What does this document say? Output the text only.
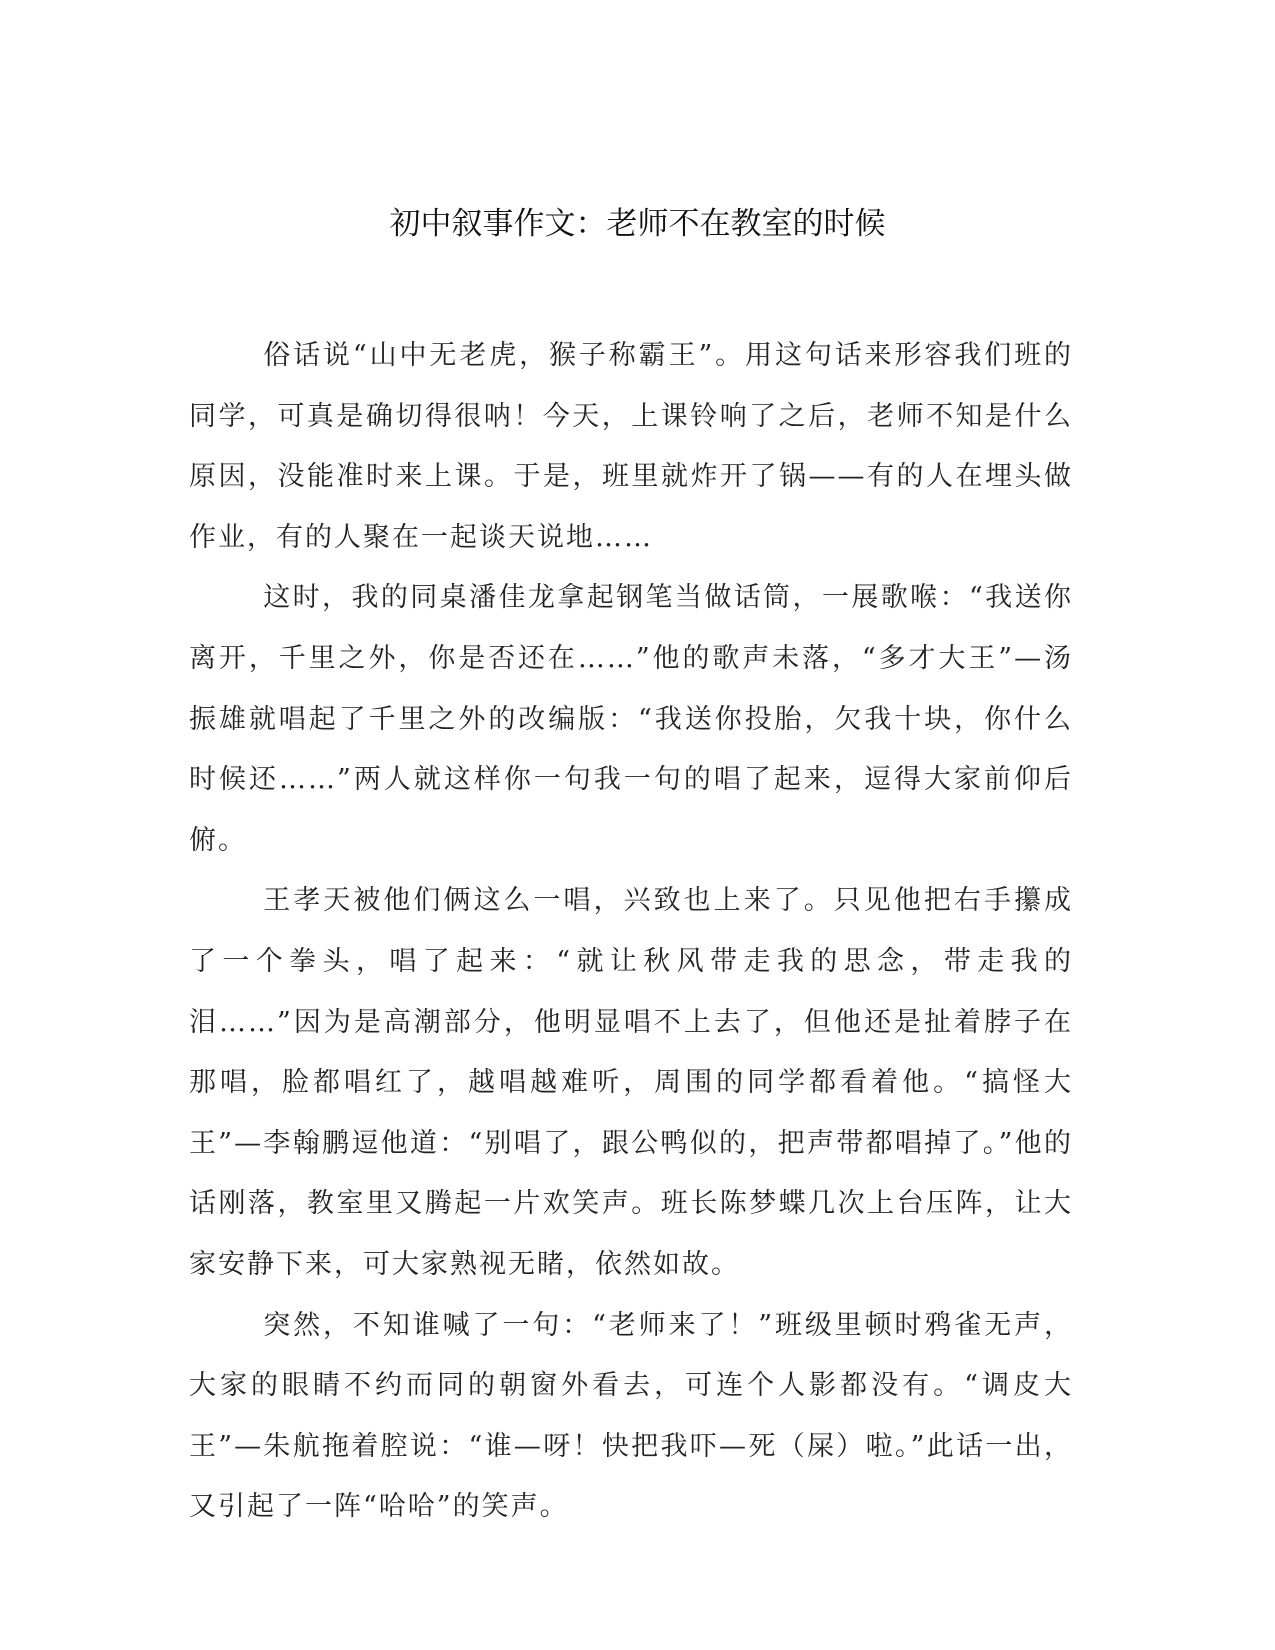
初中叙事作文：老师不在教室的时候

俗话说“山中无老虎，猴子称霸王”。用这句话来形容我们班的同学，可真是确切得很呐！今天，上课铃响了之后，老师不知是什么原因，没能准时来上课。于是，班里就炸开了锅——有的人在埋头做作业，有的人聚在一起谈天说地……

这时，我的同桌潘佳龙拿起钢笔当做话筒，一展歌喉：“我送你离开，千里之外，你是否还在……”他的歌声未落，“多才大王”—汤振雄就唱起了千里之外的改编版：“我送你投胎，欠我十块，你什么时候还……”两人就这样你一句我一句的唱了起来，逗得大家前仰后俯。

王孝天被他们俩这么一唱，兴致也上来了。只见他把右手攥成了一个拳头，唱了起来：“就让秋风带走我的思念，带走我的泪……”因为是高潮部分，他明显唱不上去了，但他还是扯着脖子在那唱，脸都唱红了，越唱越难听，周围的同学都看着他。“搞怪大王”—李翰鹏逗他道：“别唱了，跟公鸭似的，把声带都唱掉了。”他的话刚落，教室里又腾起一片欢笑声。班长陈梦蝶几次上台压阵，让大家安静下来，可大家熟视无睹，依然如故。

突然，不知谁喊了一句：“老师来了！”班级里顿时鸦雀无声，大家的眼睛不约而同的朝窗外看去，可连个人影都没有。“调皮大王”—朱航拖着腔说：“谁—呀！快把我吓—死（屎）啦。”此话一出，又引起了一阵“哈哈”的笑声。
